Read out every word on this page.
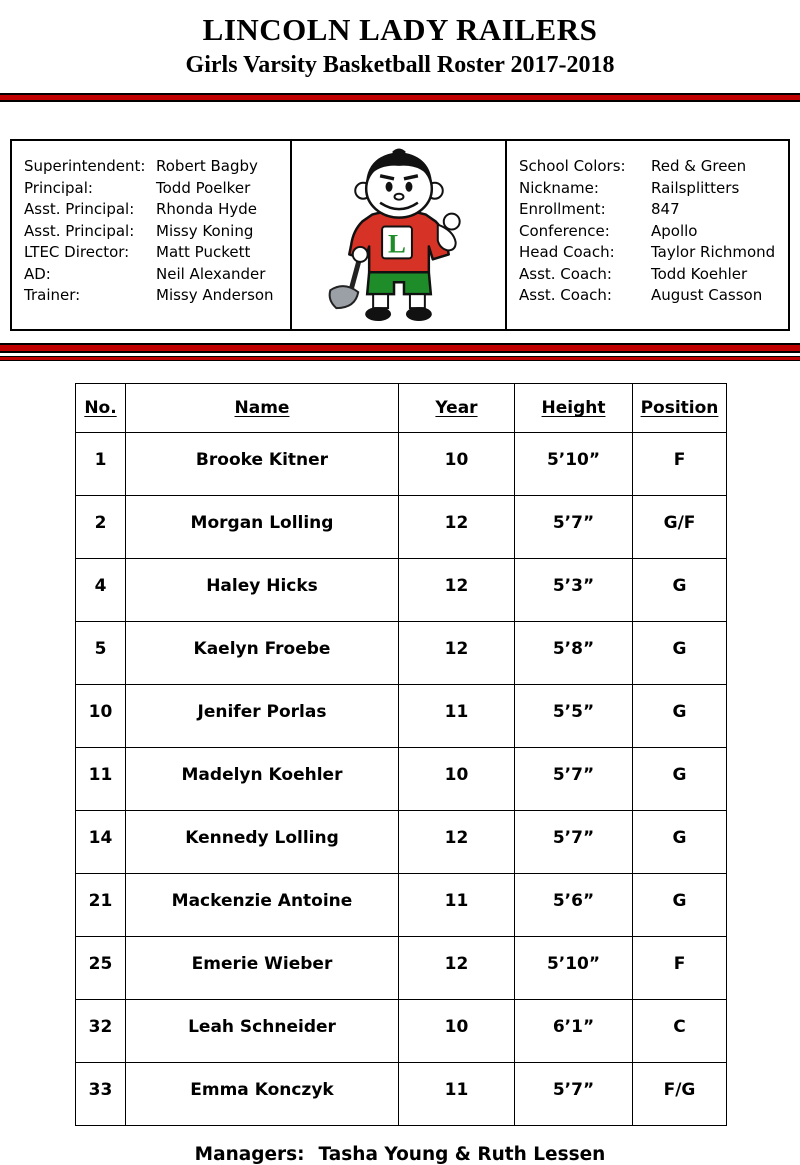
LINCOLN LADY RAILERS
Girls Varsity Basketball Roster 2017-2018
Superintendent: Robert Bagby
Principal:	Todd Poelker
Asst. Principal:	Rhonda Hyde
Asst. Principal:	Missy Koning
LTEC Director:	Matt Puckett
AD:	Neil Alexander
Trainer:	Missy Anderson
L
School Colors:	Red & Green
Nickname:	Railsplitters
Enrollment:	847
Conference:	Apollo
Head Coach:	Taylor Richmond
Asst. Coach:	Todd Koehler
Asst. Coach:	August Casson
No.	Name	Year	Height	Position
1	Brooke Kitner	10	5’10”	F
2	Morgan Lolling	12	5’7”	G/F
4	Haley Hicks	12	5’3”	G
5	Kaelyn Froebe	12	5’8”	G
10	Jenifer Porlas	11	5’5”	G
11	Madelyn Koehler	10	5’7”	G
14	Kennedy Lolling	12	5’7”	G
21	Mackenzie Antoine	11	5’6”	G
25	Emerie Wieber	12	5’10”	F
32	Leah Schneider	10	6’1”	C
33	Emma Konczyk	11	5’7”	F/G
Managers: Tasha Young & Ruth Lessen
